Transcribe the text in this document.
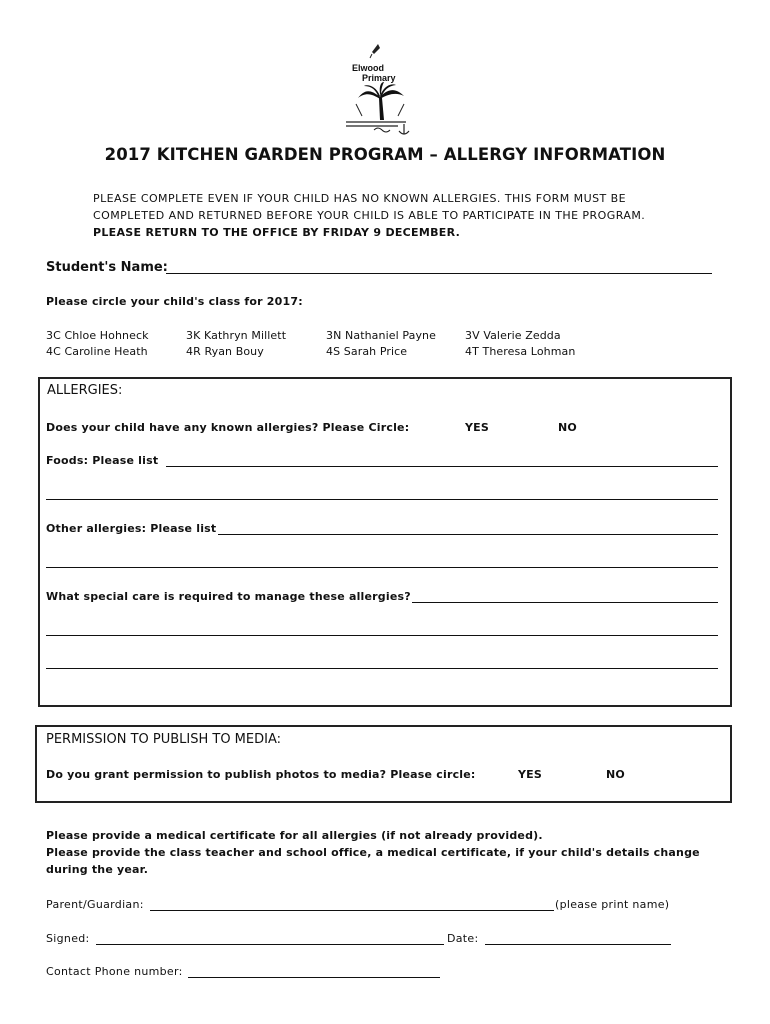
Elwood
Primary
2017 KITCHEN GARDEN PROGRAM – ALLERGY INFORMATION
PLEASE COMPLETE EVEN IF YOUR CHILD HAS NO KNOWN ALLERGIES. THIS FORM MUST BE
COMPLETED AND RETURNED BEFORE YOUR CHILD IS ABLE TO PARTICIPATE IN THE PROGRAM.
PLEASE RETURN TO THE OFFICE BY FRIDAY 9 DECEMBER.
Student's Name:
Please circle your child's class for 2017:
3C Chloe Hohneck	3K Kathryn Millett	3N Nathaniel Payne	3V Valerie Zedda
4C Caroline Heath	4R Ryan Bouy	4S Sarah Price	4T Theresa Lohman
ALLERGIES:
Does your child have any known allergies? Please Circle:	YES	NO
Foods: Please list
Other allergies: Please list
What special care is required to manage these allergies?
PERMISSION TO PUBLISH TO MEDIA:
Do you grant permission to publish photos to media? Please circle:	YES	NO
Please provide a medical certificate for all allergies (if not already provided).
Please provide the class teacher and school office, a medical certificate, if your child's details change
during the year.
Parent/Guardian:	(please print name)
Signed:	Date:
Contact Phone number:
